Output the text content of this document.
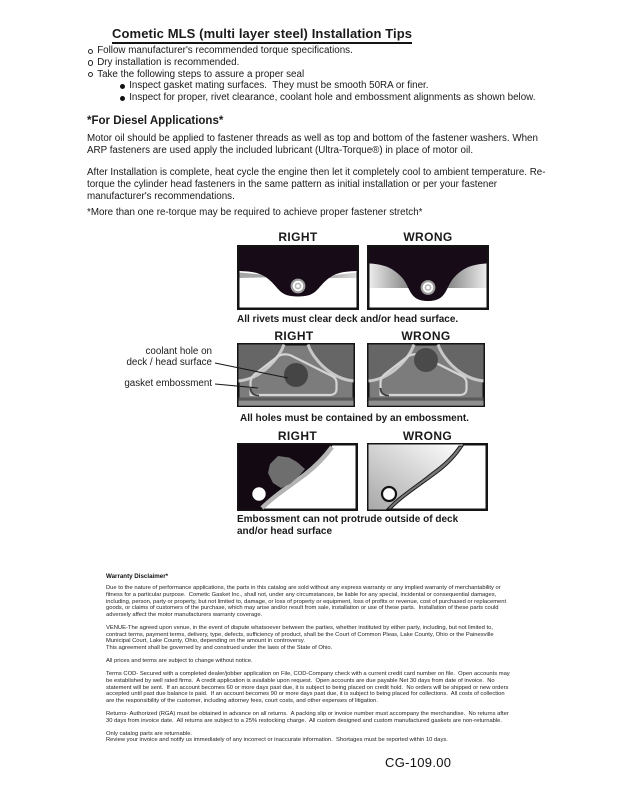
Cometic MLS (multi layer steel) Installation Tips
Follow manufacturer's recommended torque specifications.
Dry installation is recommended.
Take the following steps to assure a proper seal
Inspect gasket mating surfaces.  They must be smooth 50RA or finer.
Inspect for proper, rivet clearance, coolant hole and embossment alignments as shown below.
*For Diesel Applications*
Motor oil should be applied to fastener threads as well as top and bottom of the fastener washers. When ARP fasteners are used apply the included lubricant (Ultra-Torque®) in place of motor oil.
After Installation is complete, heat cycle the engine then let it completely cool to ambient temperature. Re-torque the cylinder head fasteners in the same pattern as initial installation or per your fastener manufacturer's recommendations.
*More than one re-torque may be required to achieve proper fastener stretch*
RIGHT	WRONG
All rivets must clear deck and/or head surface.
RIGHT	WRONG
coolant hole on
deck / head surface
gasket embossment
All holes must be contained by an embossment.
RIGHT	WRONG
Embossment can not protrude outside of deck
and/or head surface
Warranty Disclaimer*
Due to the nature of performance applications, the parts in this catalog are sold without any express warranty or any implied warranty of merchantability or fitness for a particular purpose.  Cometic Gasket Inc., shall not, under any circumstances, be liable for any special, incidental or consequential damages, including, person, party or property, but not limited to, damage, or loss of property or equipment, loss of profits or revenue, cost of purchased or replacement goods, or claims of customers of the purchase, which may arise and/or result from sale, installation or use of these parts.  Installation of these parts could adversely affect the motor manufacturers warranty coverage.
VENUE-The agreed upon venue, in the event of dispute whatsoever between the parties, whether instituted by either party, including, but not limited to, contract terms, payment terms, delivery, type, defects, sufficiency of product, shall be the Court of Common Pleas, Lake County, Ohio or the Painesville Municipal Court, Lake County, Ohio, depending on the amount in controversy.
This agreement shall be governed by and construed under the laws of the State of Ohio.
All prices and terms are subject to change without notice.
Terms COD- Secured with a completed dealer/jobber application on File, COD-Company check with a current credit card number on file.  Open accounts may be established by well rated firms.  A credit application is available upon request.  Open accounts are due payable Net 30 days from date of invoice.  No statement will be sent.  If an account becomes 60 or more days past due, it is subject to being placed on credit hold.  No orders will be shipped or new orders accepted until past due balance is paid.  If an account becomes 90 or more days past due, it is subject to being placed for collections.  All costs of collection are the responsibility of the customer, including attorney fees, court costs, and other expenses of litigation.
Returns- Authorized (RGA) must be obtained in advance on all returns.  A packing slip or invoice number must accompany the merchandise.  No returns after 30 days from invoice date.  All returns are subject to a 25% restocking charge.  All custom designed and custom manufactured gaskets are non-returnable.
Only catalog parts are returnable.
Review your invoice and notify us immediately of any incorrect or inaccurate information.  Shortages must be reported within 10 days.
CG-109.00
